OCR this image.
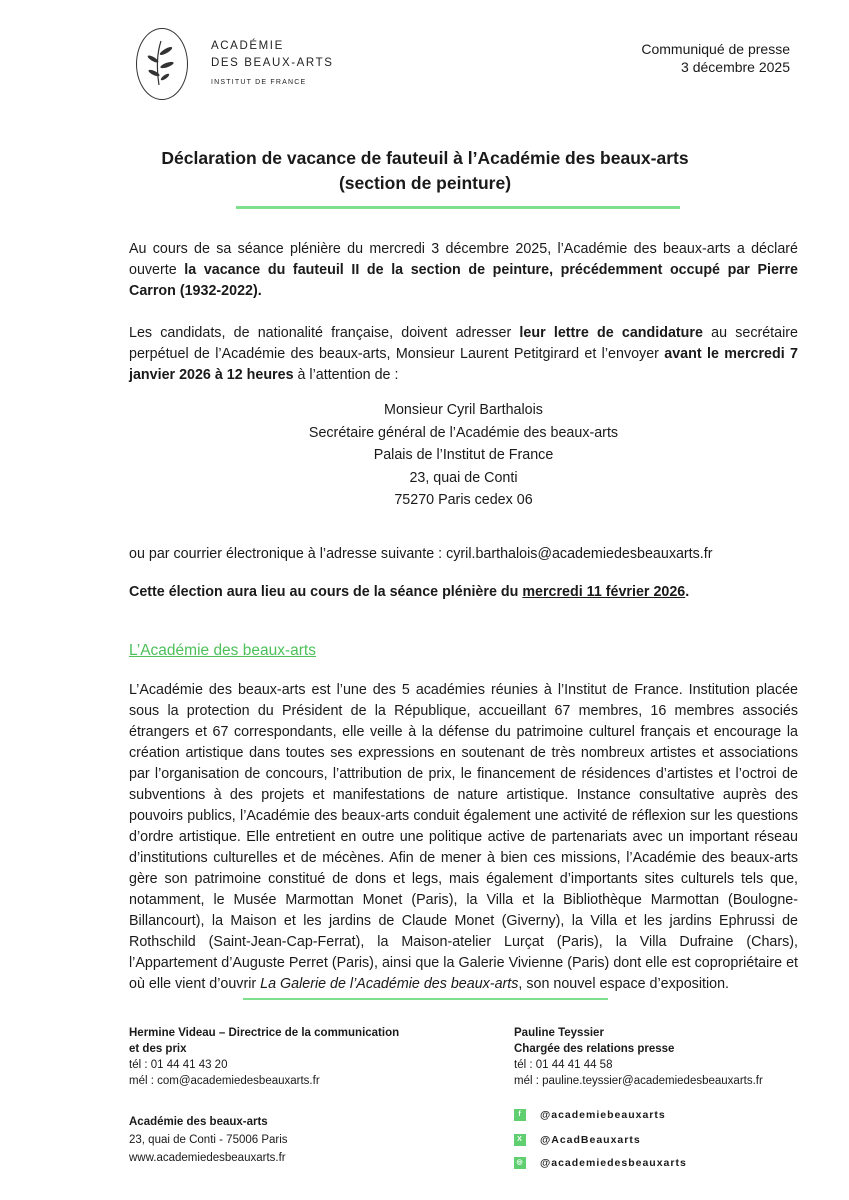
ACADÉMIE
DES BEAUX-ARTS
INSTITUT DE FRANCE
Communiqué de presse
3 décembre 2025
Déclaration de vacance de fauteuil à l’Académie des beaux-arts
(section de peinture)
Au cours de sa séance plénière du mercredi 3 décembre 2025, l’Académie des beaux-arts a déclaré ouverte la vacance du fauteuil II de la section de peinture, précédemment occupé par Pierre Carron (1932-2022).
Les candidats, de nationalité française, doivent adresser leur lettre de candidature au secrétaire perpétuel de l’Académie des beaux-arts, Monsieur Laurent Petitgirard et l’envoyer avant le mercredi 7 janvier 2026 à 12 heures à l’attention de :
Monsieur Cyril Barthalois
Secrétaire général de l’Académie des beaux-arts
Palais de l’Institut de France
23, quai de Conti
75270 Paris cedex 06
ou par courrier électronique à l’adresse suivante : cyril.barthalois@academiedesbeauxarts.fr
Cette élection aura lieu au cours de la séance plénière du mercredi 11 février 2026.
L’Académie des beaux-arts
L’Académie des beaux-arts est l’une des 5 académies réunies à l’Institut de France. Institution placée sous la protection du Président de la République, accueillant 67 membres, 16 membres associés étrangers et 67 correspondants, elle veille à la défense du patrimoine culturel français et encourage la création artistique dans toutes ses expressions en soutenant de très nombreux artistes et associations par l’organisation de concours, l’attribution de prix, le financement de résidences d’artistes et l’octroi de subventions à des projets et manifestations de nature artistique. Instance consultative auprès des pouvoirs publics, l’Académie des beaux-arts conduit également une activité de réflexion sur les questions d’ordre artistique. Elle entretient en outre une politique active de partenariats avec un important réseau d’institutions culturelles et de mécènes. Afin de mener à bien ces missions, l’Académie des beaux-arts gère son patrimoine constitué de dons et legs, mais également d’importants sites culturels tels que, notamment, le Musée Marmottan Monet (Paris), la Villa et la Bibliothèque Marmottan (Boulogne-Billancourt), la Maison et les jardins de Claude Monet (Giverny), la Villa et les jardins Ephrussi de Rothschild (Saint-Jean-Cap-Ferrat), la Maison-atelier Lurçat (Paris), la Villa Dufraine (Chars), l’Appartement d’Auguste Perret (Paris), ainsi que la Galerie Vivienne (Paris) dont elle est copropriétaire et où elle vient d’ouvrir La Galerie de l’Académie des beaux-arts, son nouvel espace d’exposition.
Hermine Videau – Directrice de la communication
et des prix
tél : 01 44 41 43 20
mél : com@academiedesbeauxarts.fr
Pauline Teyssier
Chargée des relations presse
tél : 01 44 41 44 58
mél : pauline.teyssier@academiedesbeauxarts.fr
Académie des beaux-arts
23, quai de Conti - 75006 Paris
www.academiedesbeauxarts.fr
f	@academiebeauxarts
X	@AcadBeauxarts
◎ @academiedesbeauxarts
